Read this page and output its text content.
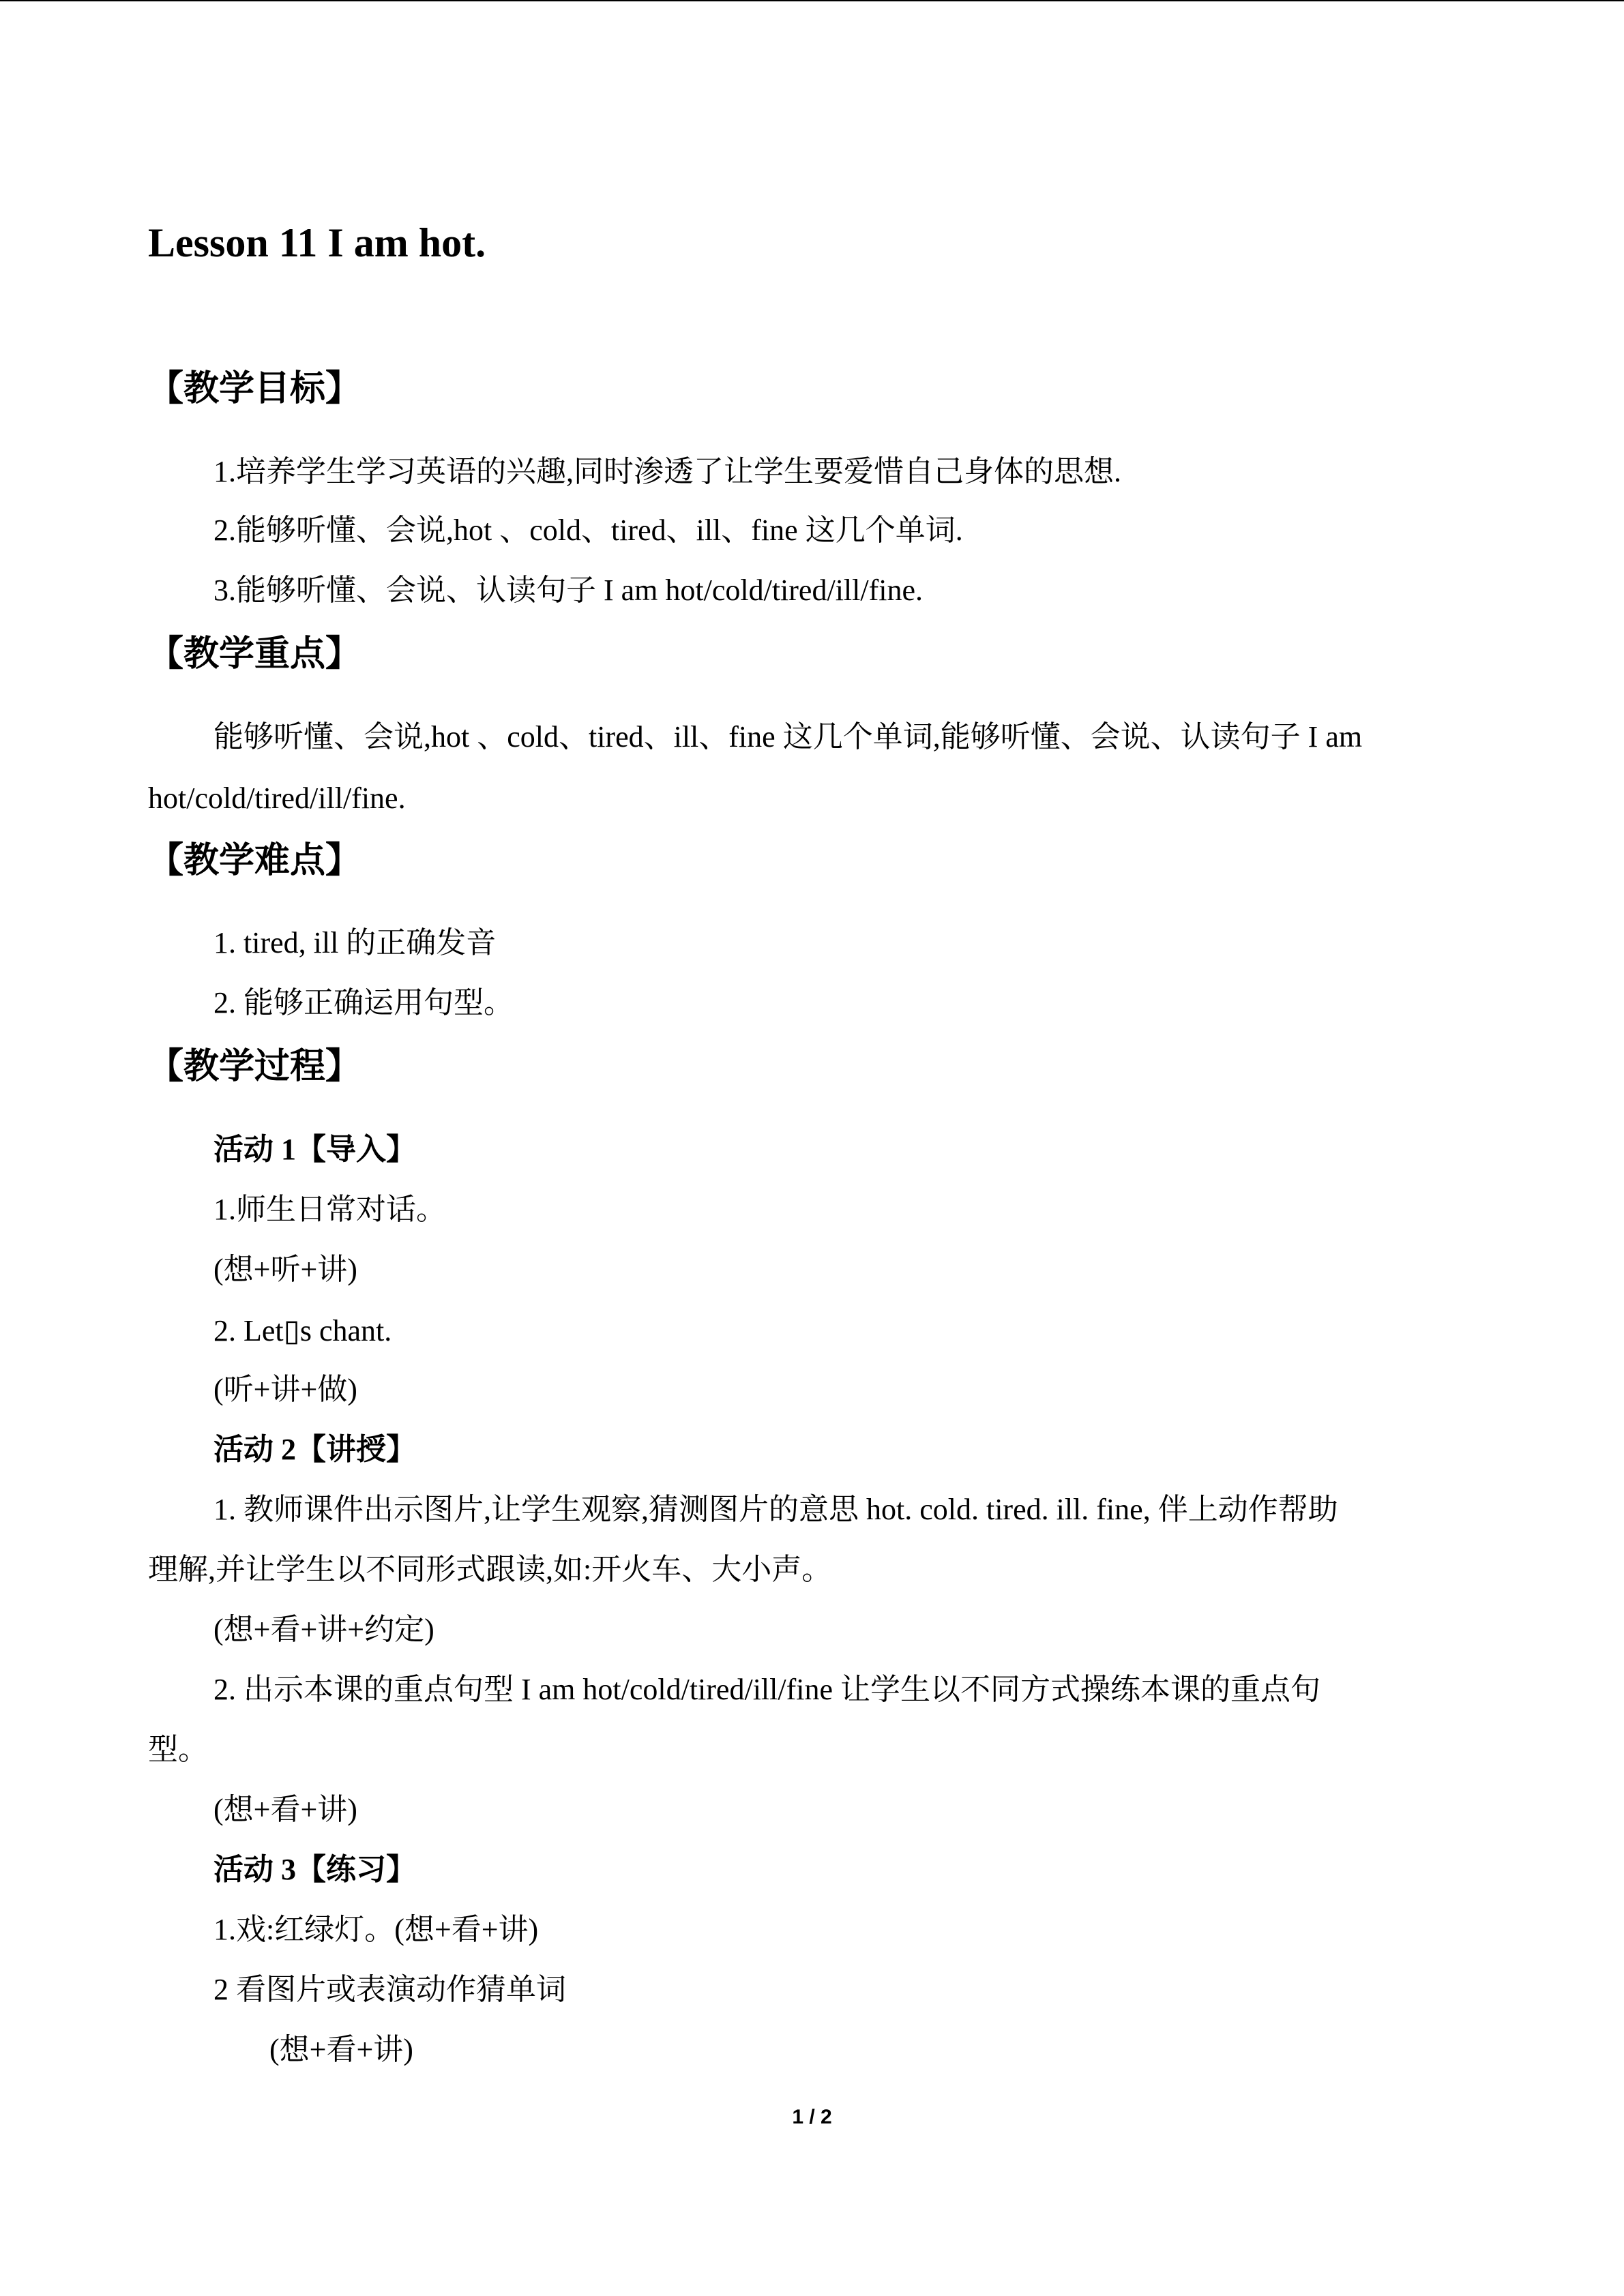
Lesson 11 I am hot.
【教学目标】
1.培养学生学习英语的兴趣,同时渗透了让学生要爱惜自己身体的思想.
2.能够听懂、会说,hot 、cold、tired、ill、fine 这几个单词.
3.能够听懂、会说、认读句子 I am hot/cold/tired/ill/fine.
【教学重点】
能够听懂、会说,hot 、cold、tired、ill、fine 这几个单词,能够听懂、会说、认读句子 I am
hot/cold/tired/ill/fine.
【教学难点】
1. tired, ill 的正确发音
2. 能够正确运用句型。
【教学过程】
活动 1【导入】
1.师生日常对话。
(想+听+讲)
2. Let▯s chant.
(听+讲+做)
活动 2【讲授】
1. 教师课件出示图片,让学生观察,猜测图片的意思 hot. cold. tired. ill. fine, 伴上动作帮助
理解,并让学生以不同形式跟读,如:开火车、大小声。
(想+看+讲+约定)
2. 出示本课的重点句型 I am hot/cold/tired/ill/fine 让学生以不同方式操练本课的重点句
型。
(想+看+讲)
活动 3【练习】
1.戏:红绿灯。(想+看+讲)
2 看图片或表演动作猜单词
(想+看+讲)
1 / 2
